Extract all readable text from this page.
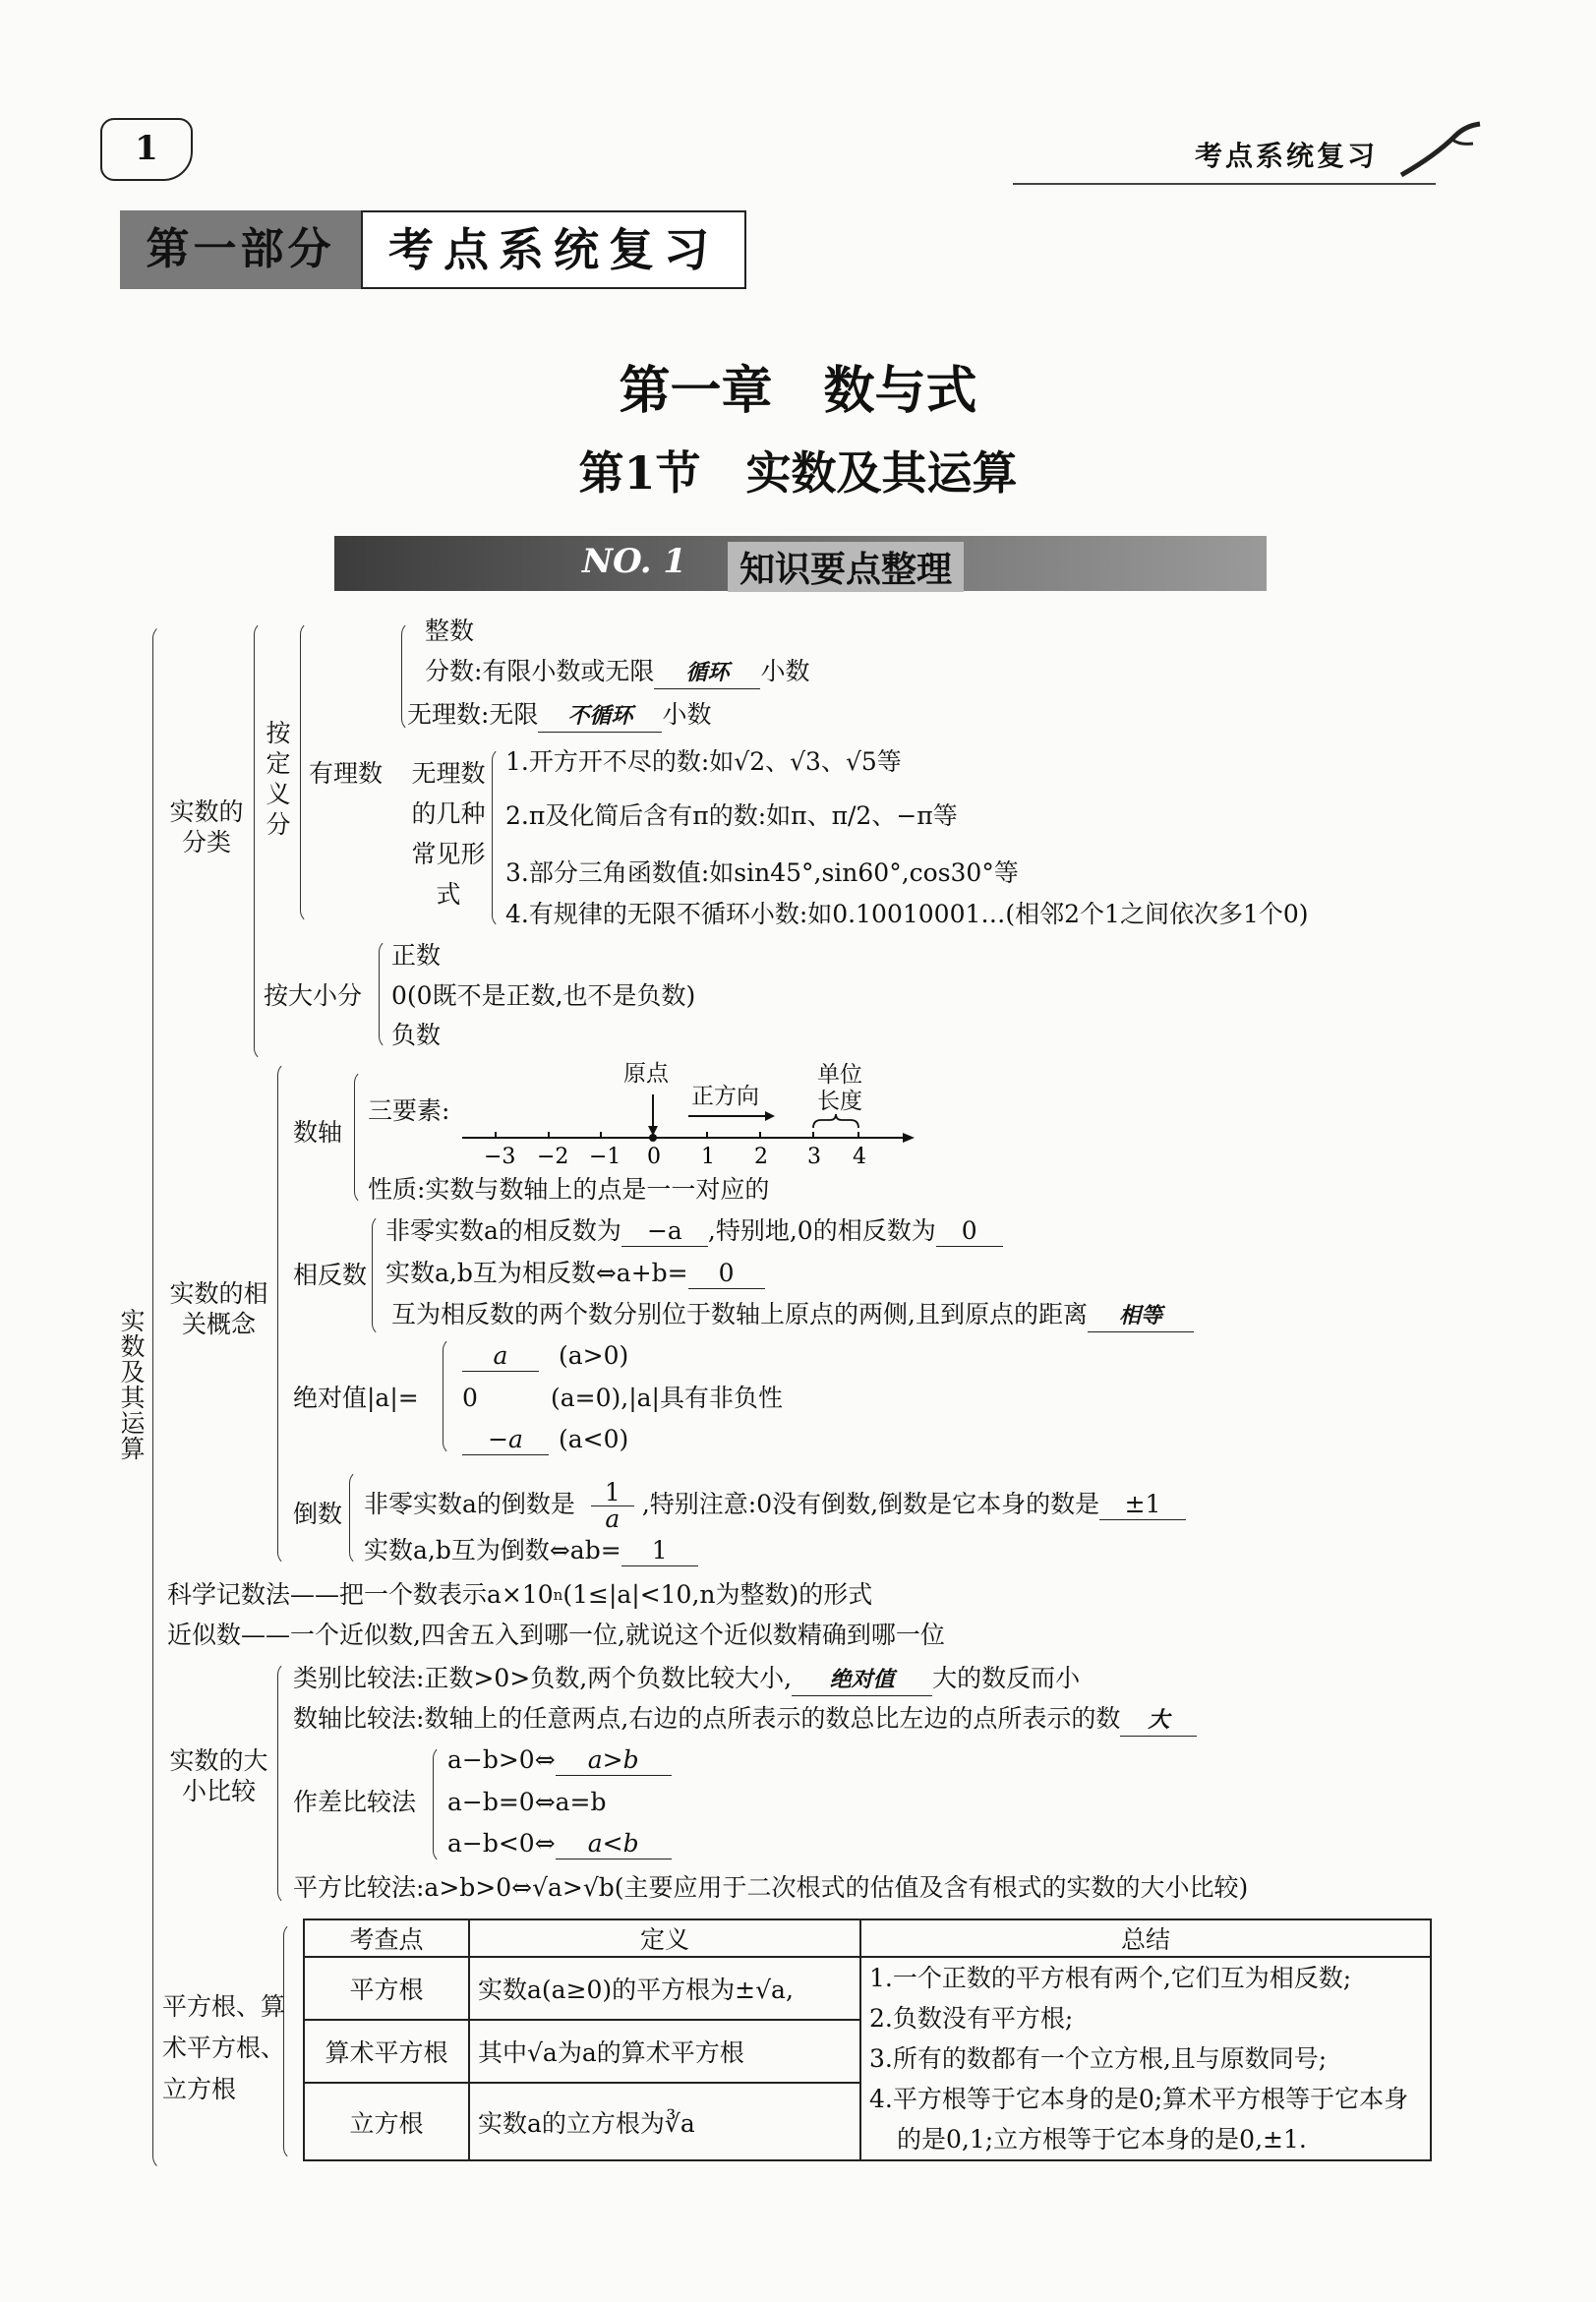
1	考点系统复习
第一部分	考点系统复习
第一章　数与式
第1节　实数及其运算
NO. 1	知识要点整理
实数及其运算
实数的分类
按定义分
有理数
整数
分数:有限小数或无限 循环 小数
无理数:无限 不循环 小数
无理数的几种常见形式
1.开方开不尽的数:如√2、√3、√5等
2.π及化简后含有π的数:如π、π/2、−π等
3.部分三角函数值:如sin45°,sin60°,cos30°等
4.有规律的无限不循环小数:如0.10010001…(相邻2个1之间依次多1个0)
按大小分
正数
0(0既不是正数,也不是负数)
负数
实数的相关概念
数轴
三要素:
−3 −2 −1 0 1 2 3 4
原点
正方向
单位长度
性质:实数与数轴上的点是一一对应的
相反数
非零实数a的相反数为 −a ,特别地,0的相反数为 0
实数a,b互为相反数⇔a+b= 0
互为相反数的两个数分别位于数轴上原点的两侧,且到原点的距离 相等
绝对值|a|=
a (a>0)
0	(a=0),|a|具有非负性
−a (a<0)
倒数 非零实数a的倒数是 $\frac{1}{a}$ ,特别注意:0没有倒数,倒数是它本身的数是 ±1
实数a,b互为倒数⇔ab= 1
科学记数法——把一个数表示$a\times 10^n(1\le|a|<10,n$为整数)的形式
近似数——一个近似数,四舍五入到哪一位,就说这个近似数精确到哪一位
实数的大小比较
类别比较法:正数>0>负数,两个负数比较大小, 绝对值 大的数反而小
数轴比较法:数轴上的任意两点,右边的点所表示的数总比左边的点所表示的数 大
作差比较法
a−b>0⇔ a>b
a−b=0⇔a=b
a−b<0⇔ a<b
平方比较法:a>b>0⇔√a>√b(主要应用于二次根式的估值及含有根式的实数的大小比较)
平方根、算术平方根、立方根
考查点	定义	总结
平方根	实数a(a≥0)的平方根为±√a,	1.一个正数的平方根有两个,它们互为相反数;
2.负数没有平方根;
3.所有的数都有一个立方根,且与原数同号;
4.平方根等于它本身的是0;算术平方根等于它本身的是0,1;立方根等于它本身的是0,±1.

算术平方根	其中√a为a的算术平方根	
立方根	实数a的立方根为∛a	
